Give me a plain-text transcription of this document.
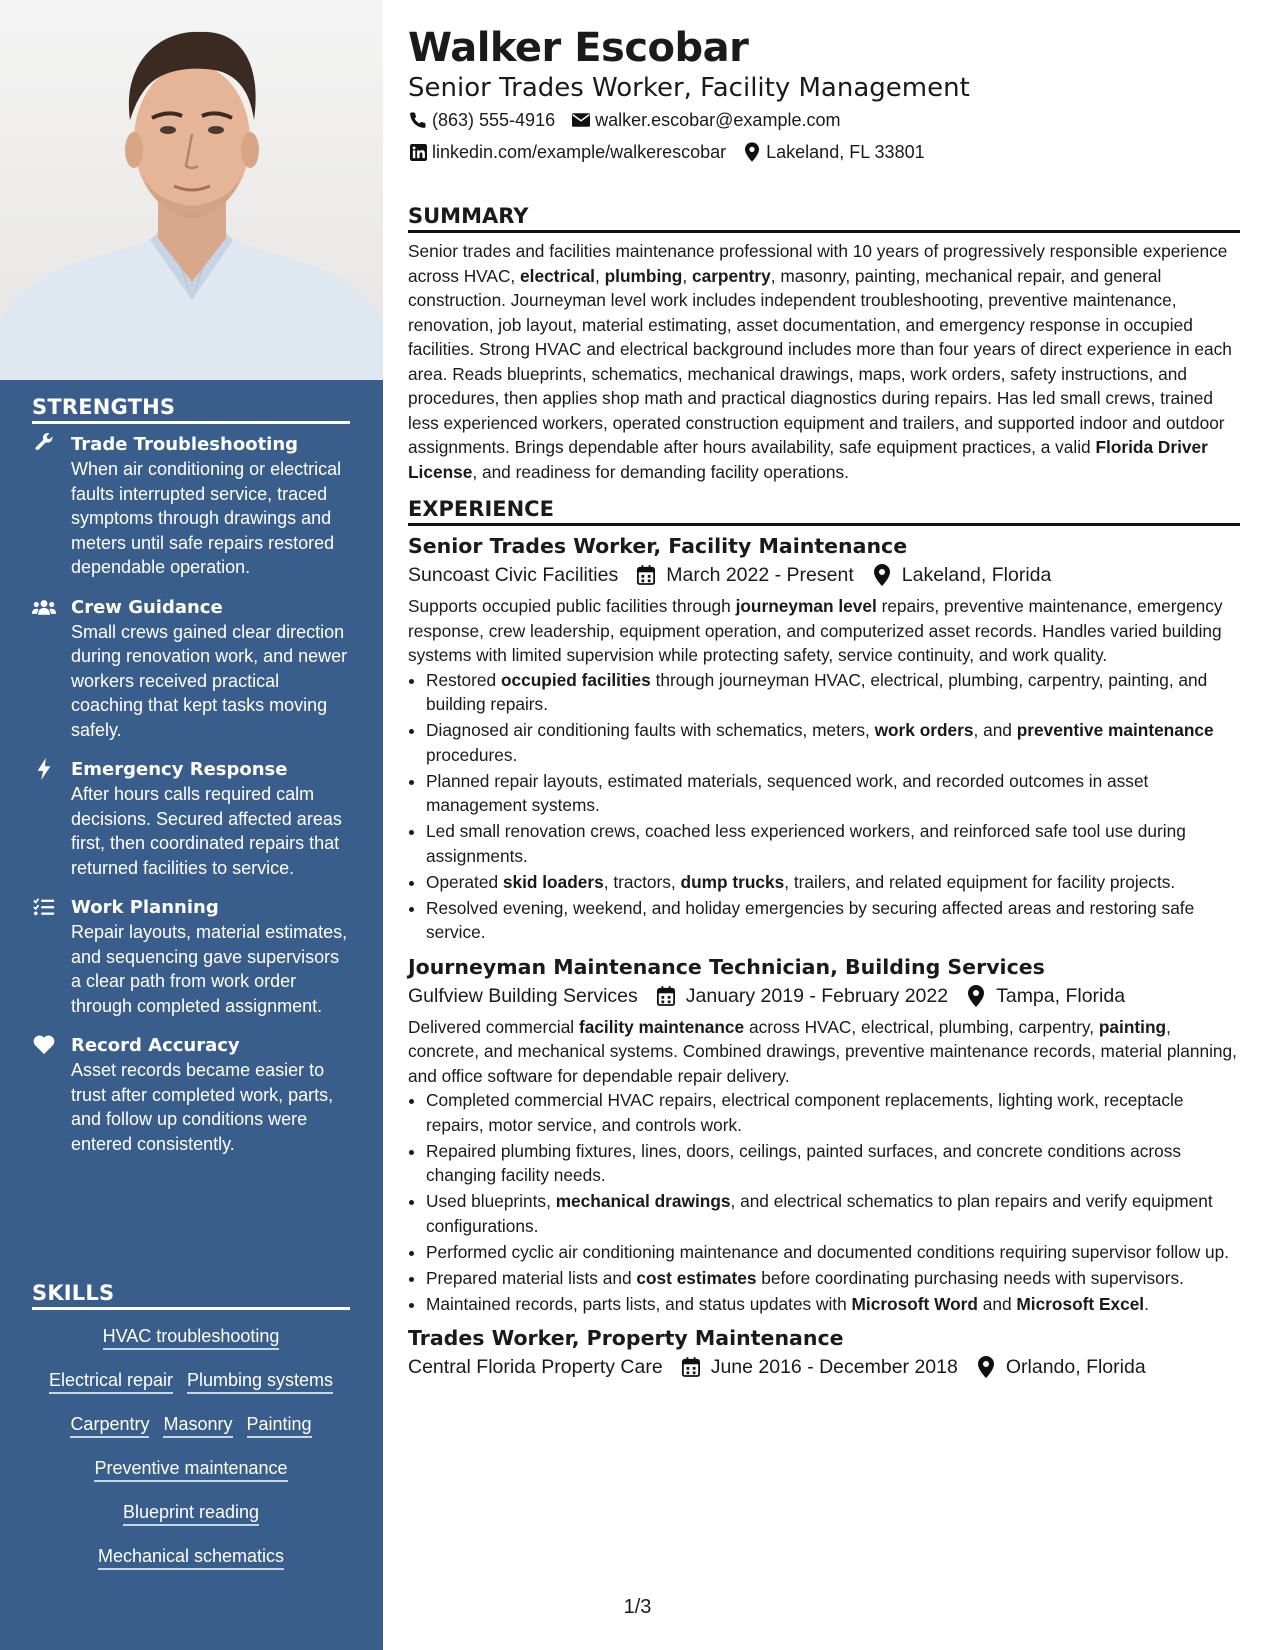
STRENGTHS
Trade Troubleshooting
When air conditioning or electrical faults interrupted service, traced symptoms through drawings and meters until safe repairs restored dependable operation.
Crew Guidance
Small crews gained clear direction during renovation work, and newer workers received practical coaching that kept tasks moving safely.
Emergency Response
After hours calls required calm decisions. Secured affected areas first, then coordinated repairs that returned facilities to service.
Work Planning
Repair layouts, material estimates, and sequencing gave supervisors a clear path from work order through completed assignment.
Record Accuracy
Asset records became easier to trust after completed work, parts, and follow up conditions were entered consistently.
SKILLS
HVAC troubleshooting
Electrical repair Plumbing systems
Carpentry Masonry Painting
Preventive maintenance
Blueprint reading
Mechanical schematics
Walker Escobar
Senior Trades Worker, Facility Management
(863) 555-4916 walker.escobar@example.com
linkedin.com/example/walkerescobar Lakeland, FL 33801
SUMMARY
Senior trades and facilities maintenance professional with 10 years of progressively responsible experience across HVAC, electrical, plumbing, carpentry, masonry, painting, mechanical repair, and general construction. Journeyman level work includes independent troubleshooting, preventive maintenance, renovation, job layout, material estimating, asset documentation, and emergency response in occupied facilities. Strong HVAC and electrical background includes more than four years of direct experience in each area. Reads blueprints, schematics, mechanical drawings, maps, work orders, safety instructions, and procedures, then applies shop math and practical diagnostics during repairs. Has led small crews, trained less experienced workers, operated construction equipment and trailers, and supported indoor and outdoor assignments. Brings dependable after hours availability, safe equipment practices, a valid Florida Driver License, and readiness for demanding facility operations.
EXPERIENCE
Senior Trades Worker, Facility Maintenance
Suncoast Civic Facilities March 2022 - Present Lakeland, Florida
Supports occupied public facilities through journeyman level repairs, preventive maintenance, emergency response, crew leadership, equipment operation, and computerized asset records. Handles varied building systems with limited supervision while protecting safety, service continuity, and work quality.
• Restored occupied facilities through journeyman HVAC, electrical, plumbing, carpentry, painting, and building repairs.
• Diagnosed air conditioning faults with schematics, meters, work orders, and preventive maintenance procedures.
• Planned repair layouts, estimated materials, sequenced work, and recorded outcomes in asset management systems.
• Led small renovation crews, coached less experienced workers, and reinforced safe tool use during assignments.
• Operated skid loaders, tractors, dump trucks, trailers, and related equipment for facility projects.
• Resolved evening, weekend, and holiday emergencies by securing affected areas and restoring safe service.
Journeyman Maintenance Technician, Building Services
Gulfview Building Services January 2019 - February 2022 Tampa, Florida
Delivered commercial facility maintenance across HVAC, electrical, plumbing, carpentry, painting, concrete, and mechanical systems. Combined drawings, preventive maintenance records, material planning, and office software for dependable repair delivery.
• Completed commercial HVAC repairs, electrical component replacements, lighting work, receptacle repairs, motor service, and controls work.
• Repaired plumbing fixtures, lines, doors, ceilings, painted surfaces, and concrete conditions across changing facility needs.
• Used blueprints, mechanical drawings, and electrical schematics to plan repairs and verify equipment configurations.
• Performed cyclic air conditioning maintenance and documented conditions requiring supervisor follow up.
• Prepared material lists and cost estimates before coordinating purchasing needs with supervisors.
• Maintained records, parts lists, and status updates with Microsoft Word and Microsoft Excel.
Trades Worker, Property Maintenance
Central Florida Property Care June 2016 - December 2018 Orlando, Florida
1/3
